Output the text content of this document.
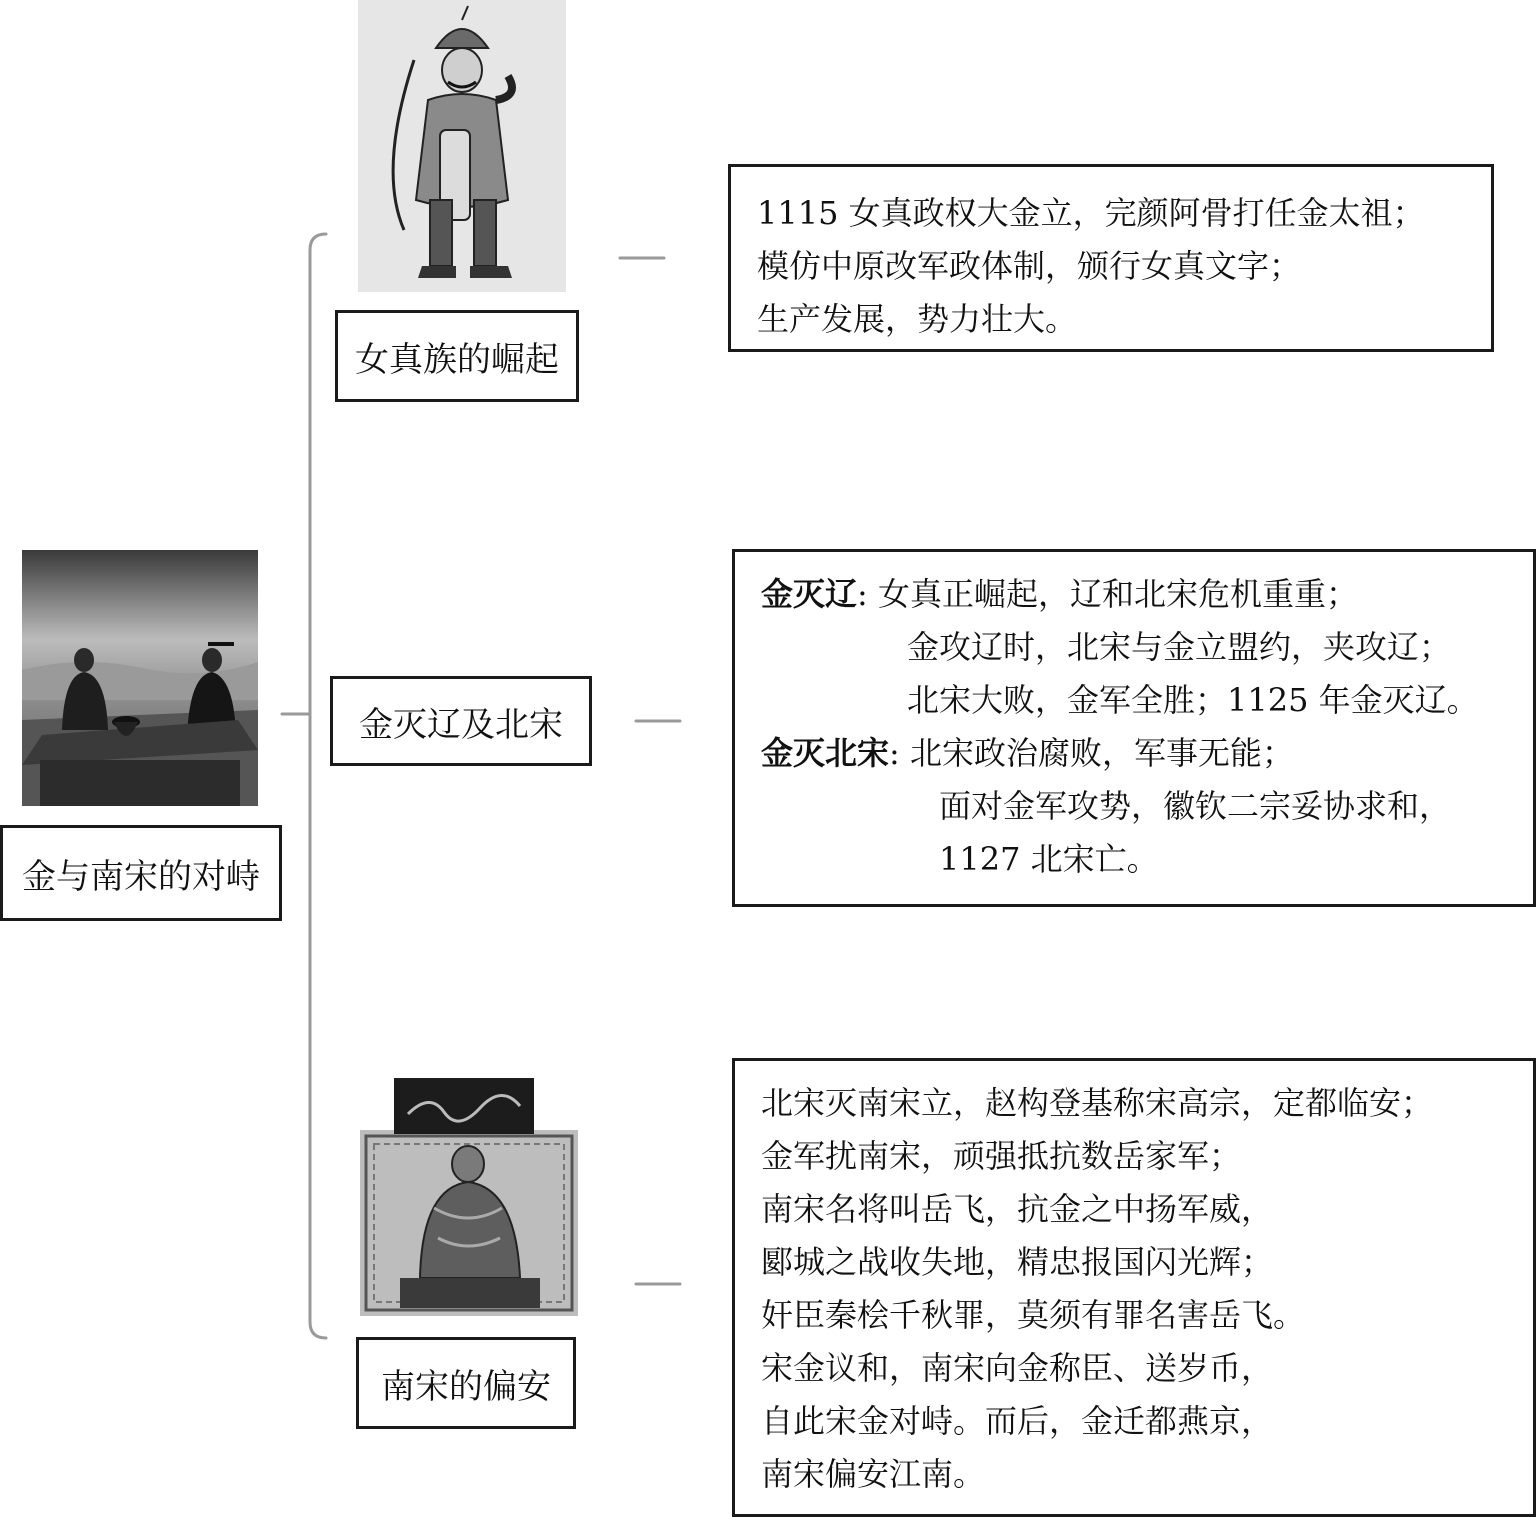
金与南宋的对峙
女真族的崛起
1115 女真政权大金立，完颜阿骨打任金太祖；
模仿中原改军政体制，颁行女真文字；
生产发展，势力壮大。
金灭辽及北宋
金灭辽: 女真正崛起，辽和北宋危机重重；
金攻辽时，北宋与金立盟约，夹攻辽；
北宋大败，金军全胜；1125 年金灭辽。
金灭北宋: 北宋政治腐败，军事无能；
面对金军攻势，徽钦二宗妥协求和，
1127 北宋亡。
南宋的偏安
北宋灭南宋立，赵构登基称宋高宗，定都临安；
金军扰南宋，顽强抵抗数岳家军；
南宋名将叫岳飞，抗金之中扬军威，
郾城之战收失地，精忠报国闪光辉；
奸臣秦桧千秋罪，莫须有罪名害岳飞。
宋金议和，南宋向金称臣、送岁币，
自此宋金对峙。而后，金迁都燕京，
南宋偏安江南。
